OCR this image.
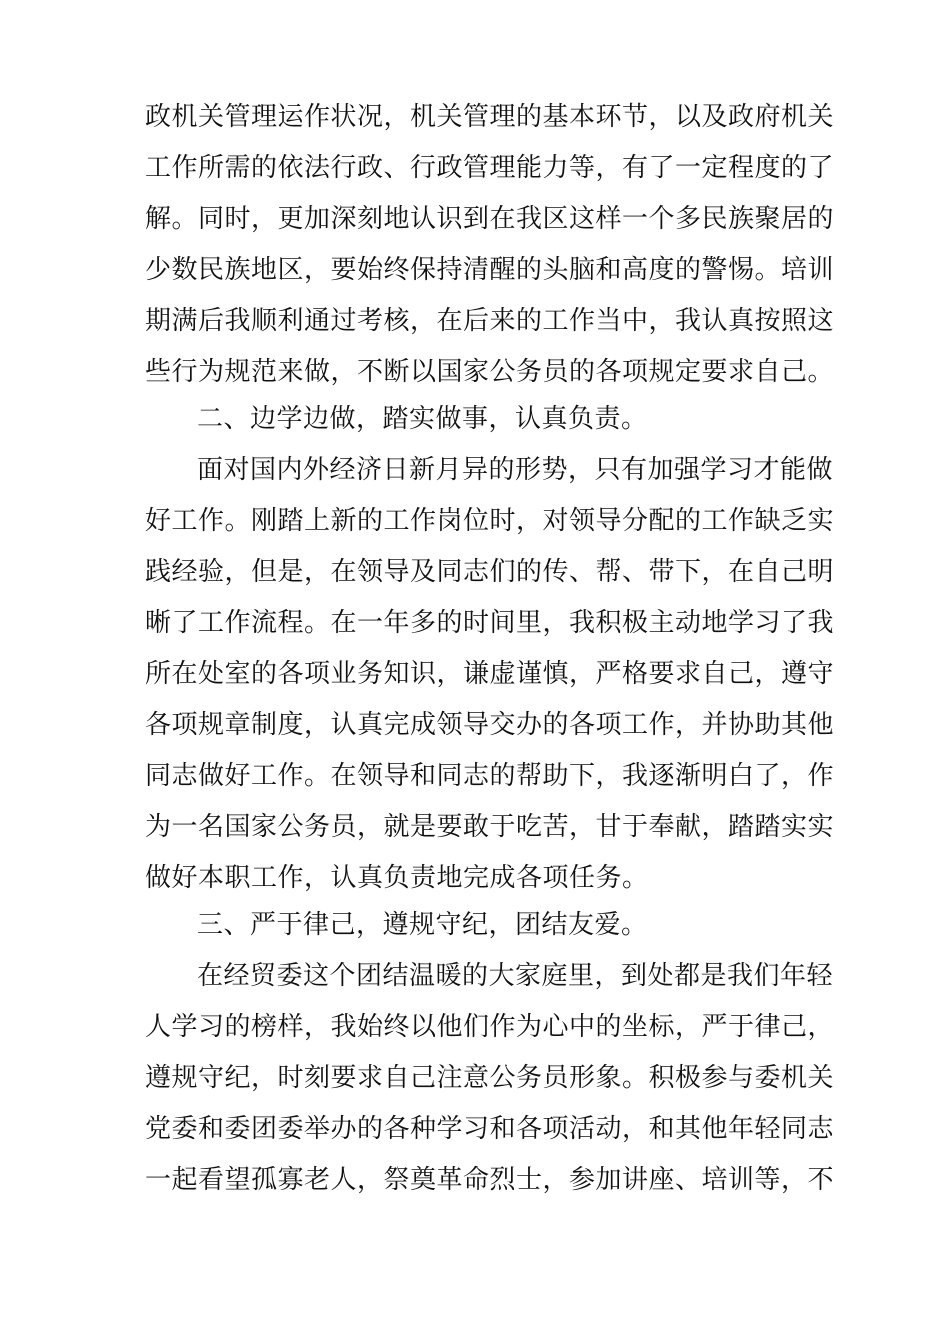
政机关管理运作状况，机关管理的基本环节，以及政府机关
工作所需的依法行政、行政管理能力等，有了一定程度的了
解。同时，更加深刻地认识到在我区这样一个多民族聚居的
少数民族地区，要始终保持清醒的头脑和高度的警惕。培训
期满后我顺利通过考核，在后来的工作当中，我认真按照这
些行为规范来做，不断以国家公务员的各项规定要求自己。
二、边学边做，踏实做事，认真负责。
面对国内外经济日新月异的形势，只有加强学习才能做
好工作。刚踏上新的工作岗位时，对领导分配的工作缺乏实
践经验，但是，在领导及同志们的传、帮、带下，在自己明
晰了工作流程。在一年多的时间里，我积极主动地学习了我
所在处室的各项业务知识，谦虚谨慎，严格要求自己，遵守
各项规章制度，认真完成领导交办的各项工作，并协助其他
同志做好工作。在领导和同志的帮助下，我逐渐明白了，作
为一名国家公务员，就是要敢于吃苦，甘于奉献，踏踏实实
做好本职工作，认真负责地完成各项任务。
三、严于律己，遵规守纪，团结友爱。
在经贸委这个团结温暖的大家庭里，到处都是我们年轻
人学习的榜样，我始终以他们作为心中的坐标，严于律己，
遵规守纪，时刻要求自己注意公务员形象。积极参与委机关
党委和委团委举办的各种学习和各项活动，和其他年轻同志
一起看望孤寡老人，祭奠革命烈士，参加讲座、培训等，不
